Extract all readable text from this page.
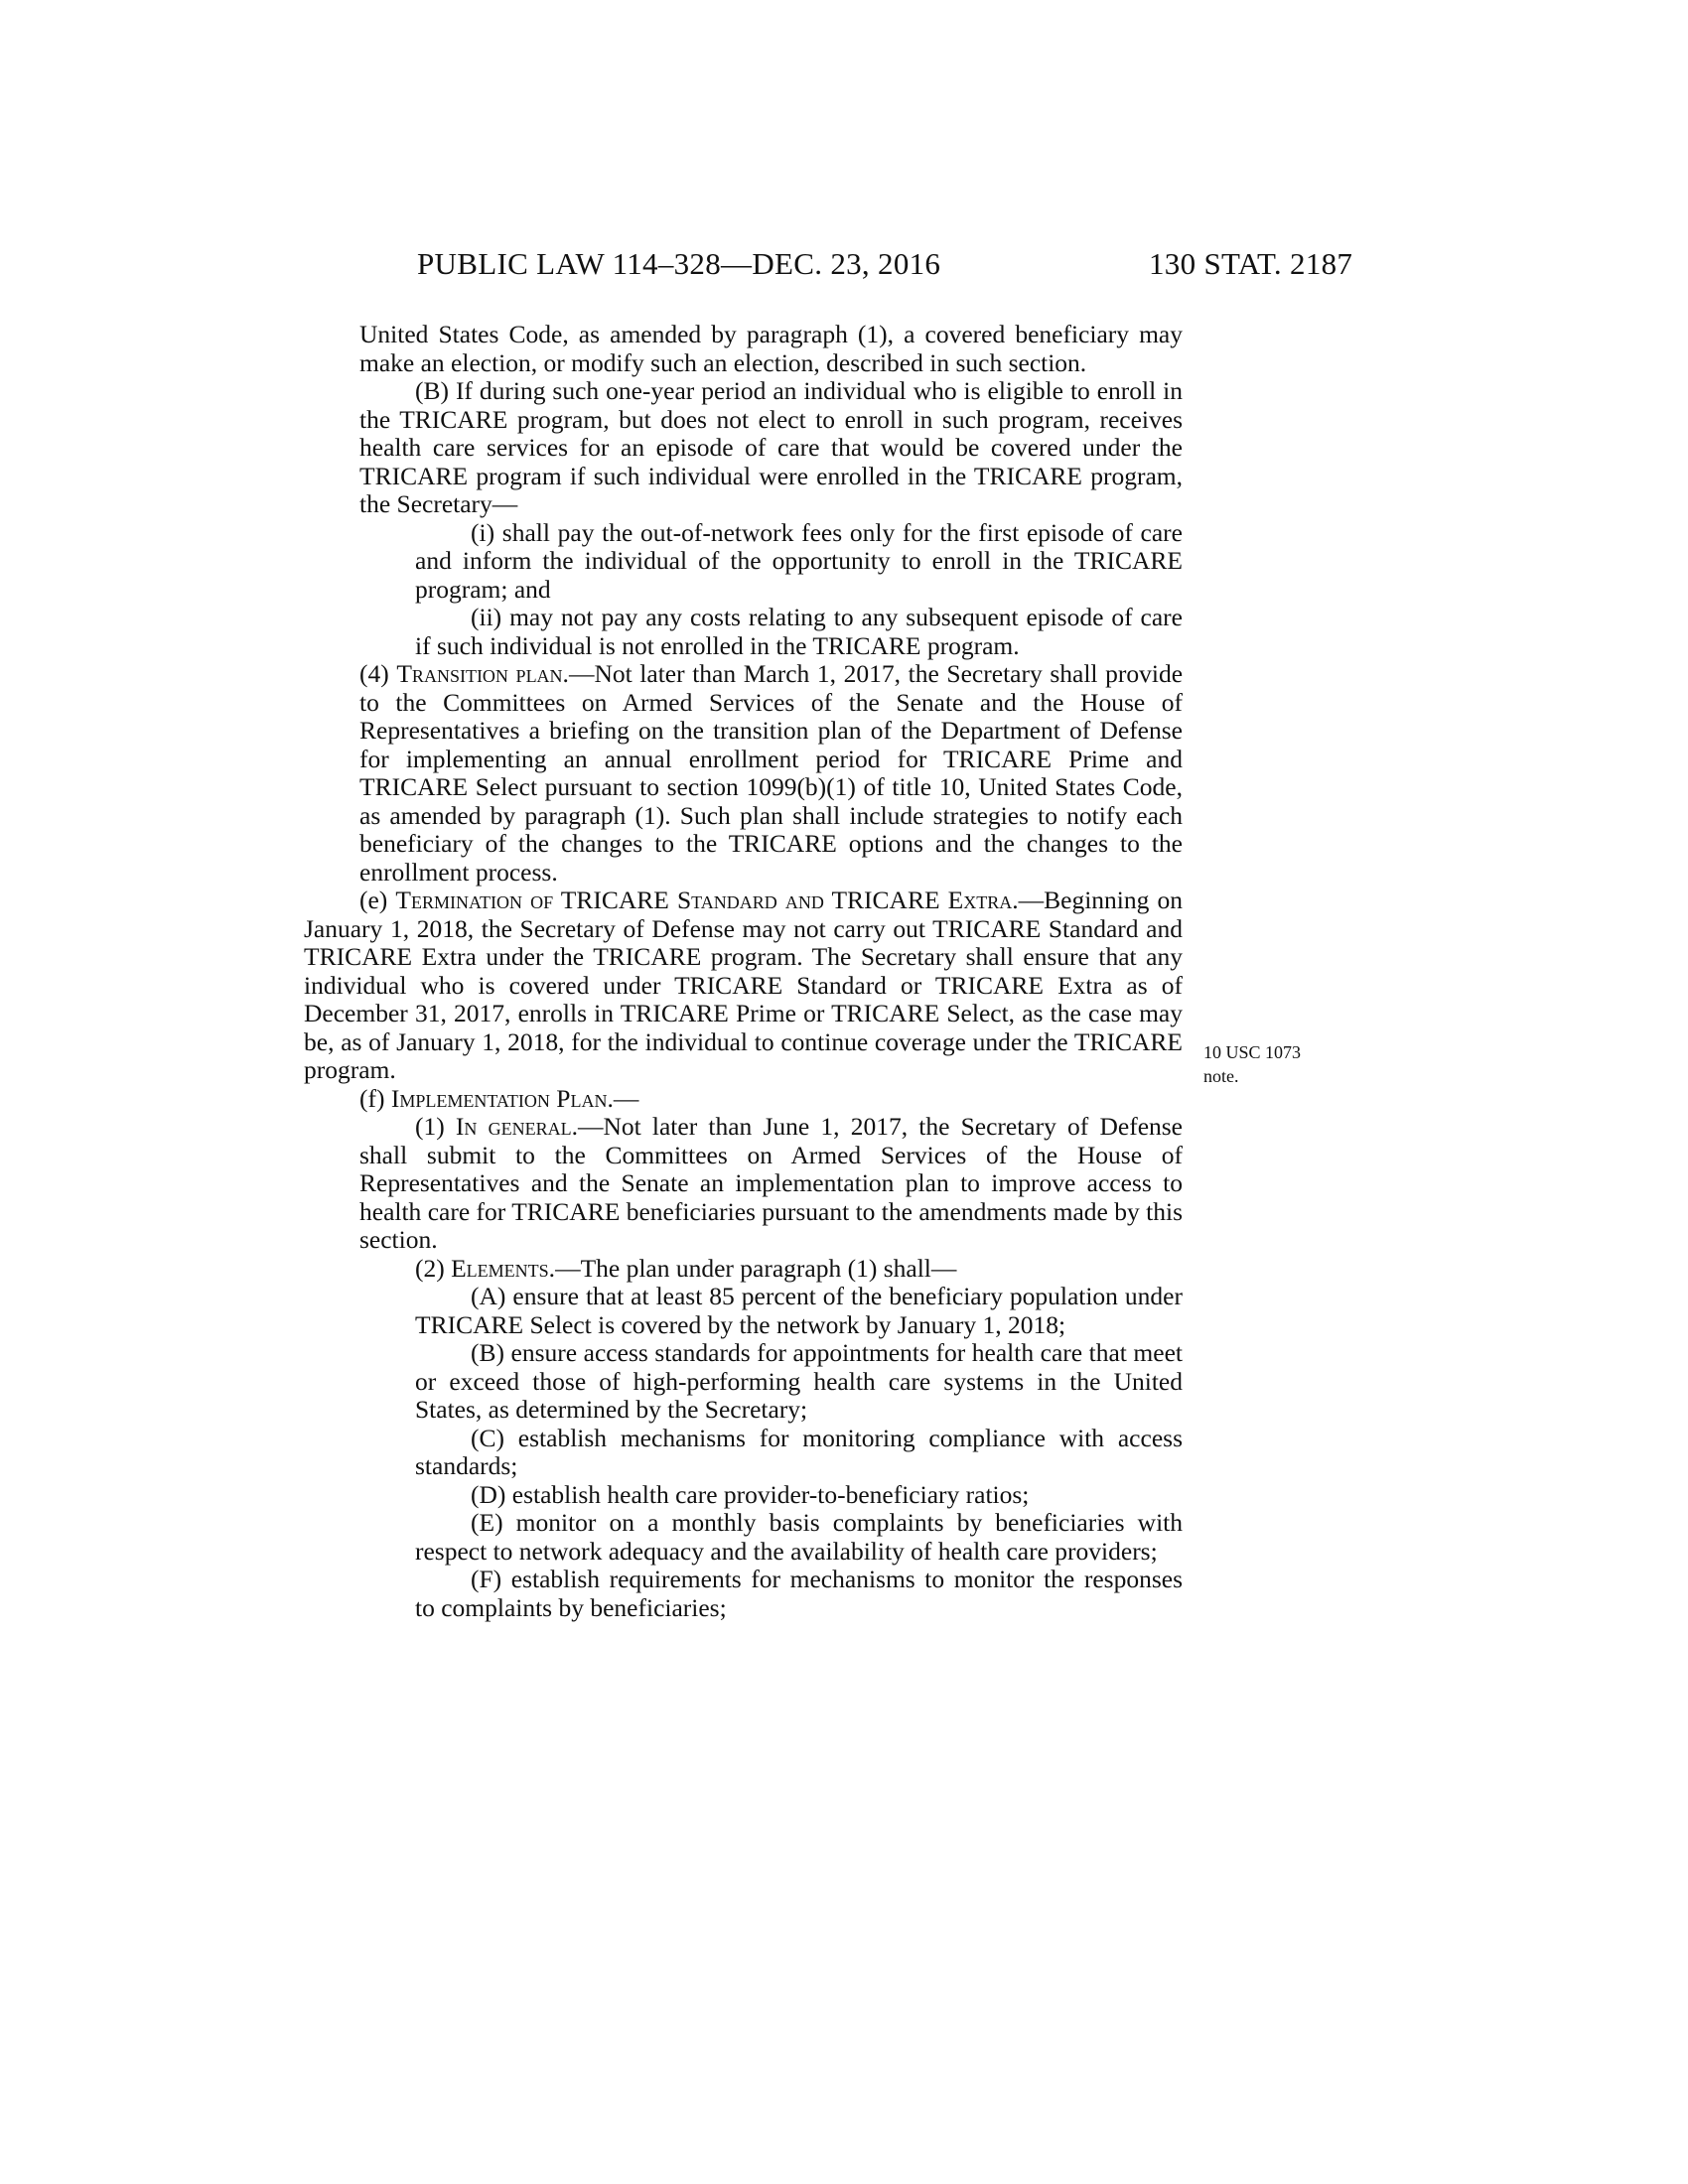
PUBLIC LAW 114–328—DEC. 23, 2016	130 STAT. 2187
10 USC 1073
note.
United States Code, as amended by paragraph (1), a covered beneficiary may make an election, or modify such an election, described in such section.
(B) If during such one-year period an individual who is eligible to enroll in the TRICARE program, but does not elect to enroll in such program, receives health care services for an episode of care that would be covered under the TRICARE program if such individual were enrolled in the TRICARE program, the Secretary—
(i) shall pay the out-of-network fees only for the first episode of care and inform the individual of the opportunity to enroll in the TRICARE program; and
(ii) may not pay any costs relating to any subsequent episode of care if such individual is not enrolled in the TRICARE program.
(4) Transition plan.—Not later than March 1, 2017, the Secretary shall provide to the Committees on Armed Services of the Senate and the House of Representatives a briefing on the transition plan of the Department of Defense for implementing an annual enrollment period for TRICARE Prime and TRICARE Select pursuant to section 1099(b)(1) of title 10, United States Code, as amended by paragraph (1). Such plan shall include strategies to notify each beneficiary of the changes to the TRICARE options and the changes to the enrollment process.
(e) Termination of TRICARE Standard and TRICARE Extra.—Beginning on January 1, 2018, the Secretary of Defense may not carry out TRICARE Standard and TRICARE Extra under the TRICARE program. The Secretary shall ensure that any individual who is covered under TRICARE Standard or TRICARE Extra as of December 31, 2017, enrolls in TRICARE Prime or TRICARE Select, as the case may be, as of January 1, 2018, for the individual to continue coverage under the TRICARE program.
(f) Implementation Plan.—
(1) In general.—Not later than June 1, 2017, the Secretary of Defense shall submit to the Committees on Armed Services of the House of Representatives and the Senate an implementation plan to improve access to health care for TRICARE beneficiaries pursuant to the amendments made by this section.
(2) Elements.—The plan under paragraph (1) shall—
(A) ensure that at least 85 percent of the beneficiary population under TRICARE Select is covered by the network by January 1, 2018;
(B) ensure access standards for appointments for health care that meet or exceed those of high-performing health care systems in the United States, as determined by the Secretary;
(C) establish mechanisms for monitoring compliance with access standards;
(D) establish health care provider-to-beneficiary ratios;
(E) monitor on a monthly basis complaints by beneficiaries with respect to network adequacy and the availability of health care providers;
(F) establish requirements for mechanisms to monitor the responses to complaints by beneficiaries;
